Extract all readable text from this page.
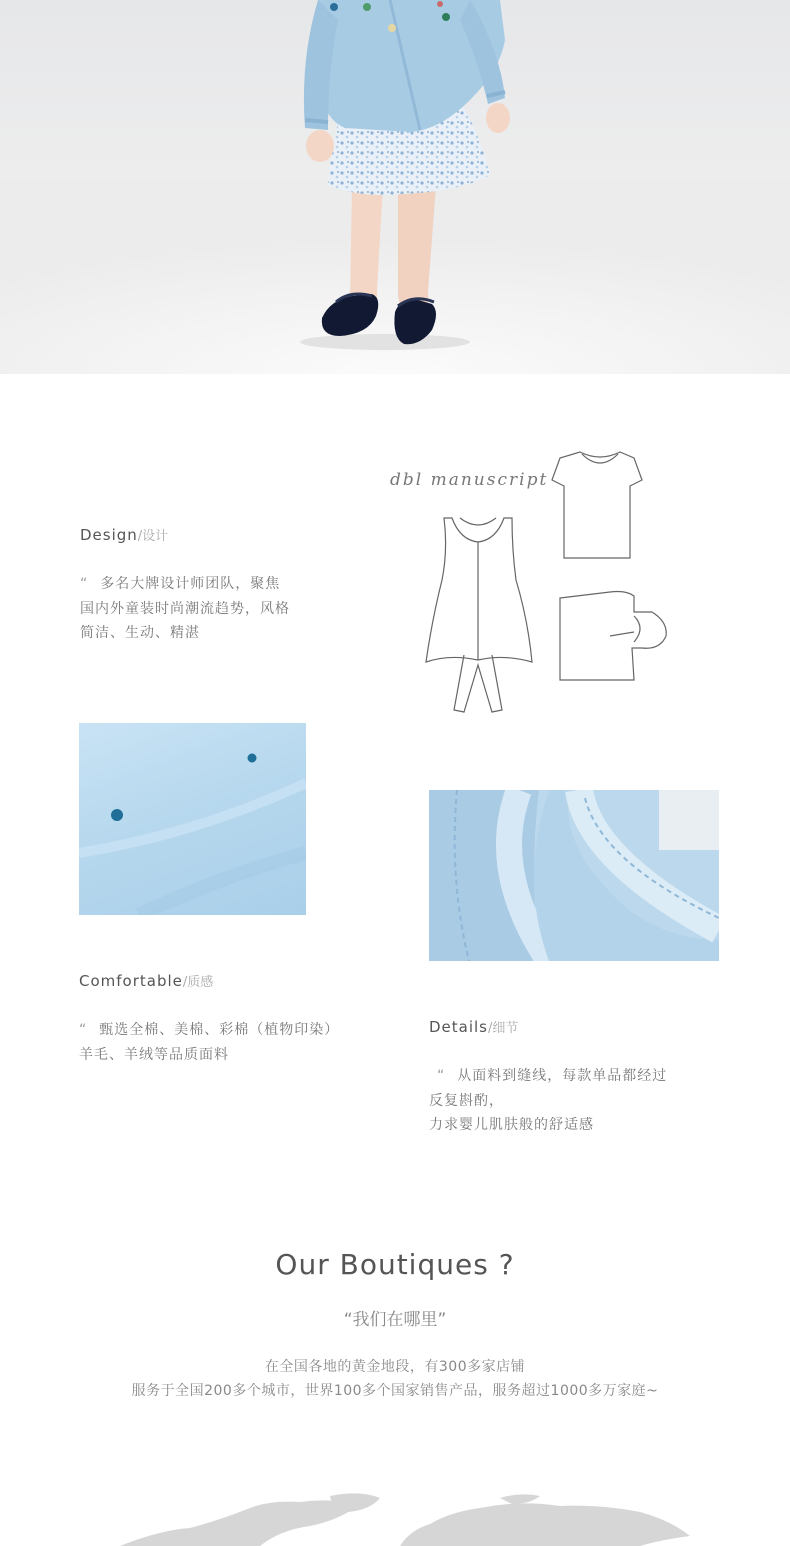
Design/设计
“ 多名大牌设计师团队，聚焦
国内外童装时尚潮流趋势，风格
简洁、生动、精湛
dbl manuscript
Comfortable/质感
“ 甄选全棉、美棉、彩棉（植物印染）
羊毛、羊绒等品质面料
Details/细节
“ 从面料到缝线，每款单品都经过
反复斟酌，
力求婴儿肌肤般的舒适感
Our Boutiques ?
“我们在哪里”
在全国各地的黄金地段，有300多家店铺
服务于全国200多个城市，世界100多个国家销售产品，服务超过1000多万家庭~
